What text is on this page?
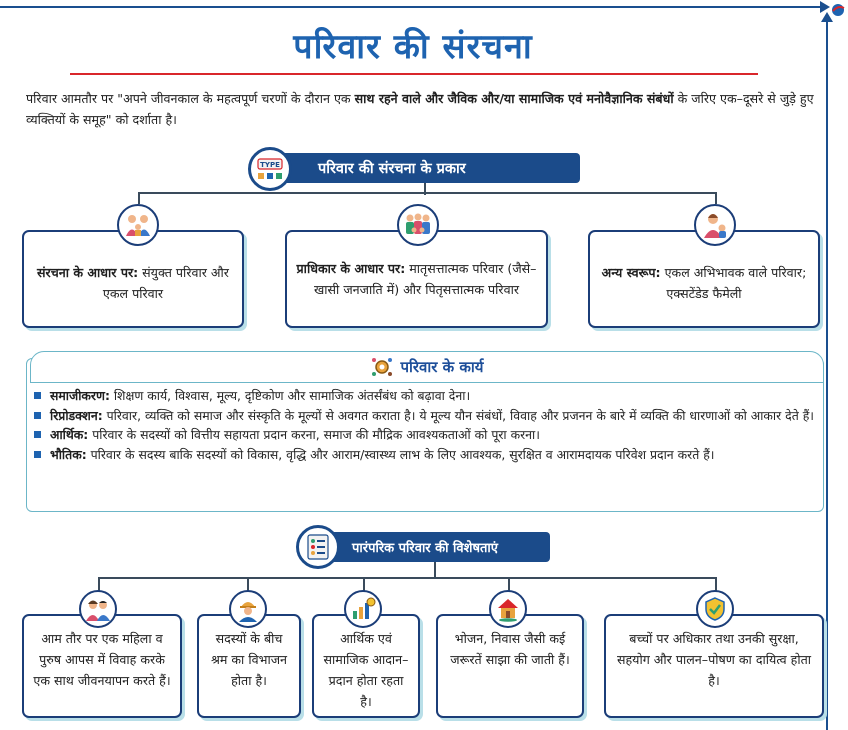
परिवार की संरचना

परिवार आमतौर पर "अपने जीवनकाल के महत्वपूर्ण चरणों के दौरान एक साथ रहने वाले और जैविक और/या सामाजिक एवं मनोवैज्ञानिक संबंधों के जरिए एक–दूसरे से जुड़े हुए व्यक्तियों के समूह" को दर्शाता है।

परिवार की संरचना के प्रकार
TYPE
संरचना के आधार पर: संयुक्त परिवार और एकल परिवार
प्राधिकार के आधार पर: मातृसत्तात्मक परिवार (जैसे– खासी जनजाति में) और पितृसत्तात्मक परिवार
अन्य स्वरूप: एकल अभिभावक वाले परिवार; एक्सटेंडेड फैमेली
परिवार के कार्य
समाजीकरण: शिक्षण कार्य, विश्वास, मूल्य, दृष्टिकोण और सामाजिक अंतर्संबंध को बढ़ावा देना।
रिप्रोडक्शन: परिवार, व्यक्ति को समाज और संस्कृति के मूल्यों से अवगत कराता है। ये मूल्य यौन संबंधों, विवाह और प्रजनन के बारे में व्यक्ति की धारणाओं को आकार देते हैं।
आर्थिक: परिवार के सदस्यों को वित्तीय सहायता प्रदान करना, समाज की मौद्रिक आवश्यकताओं को पूरा करना।
भौतिक: परिवार के सदस्य बाकि सदस्यों को विकास, वृद्धि और आराम/स्वास्थ्य लाभ के लिए आवश्यक, सुरक्षित व आरामदायक परिवेश प्रदान करते हैं।
पारंपरिक परिवार की विशेषताएं
आम तौर पर एक महिला व पुरुष आपस में विवाह करके एक साथ जीवनयापन करते हैं।
सदस्यों के बीच श्रम का विभाजन होता है।
आर्थिक एवं सामाजिक आदान–प्रदान होता रहता है।
भोजन, निवास जैसी कई जरूरतें साझा की जाती हैं।
बच्चों पर अधिकार तथा उनकी सुरक्षा, सहयोग और पालन–पोषण का दायित्व होता है।
